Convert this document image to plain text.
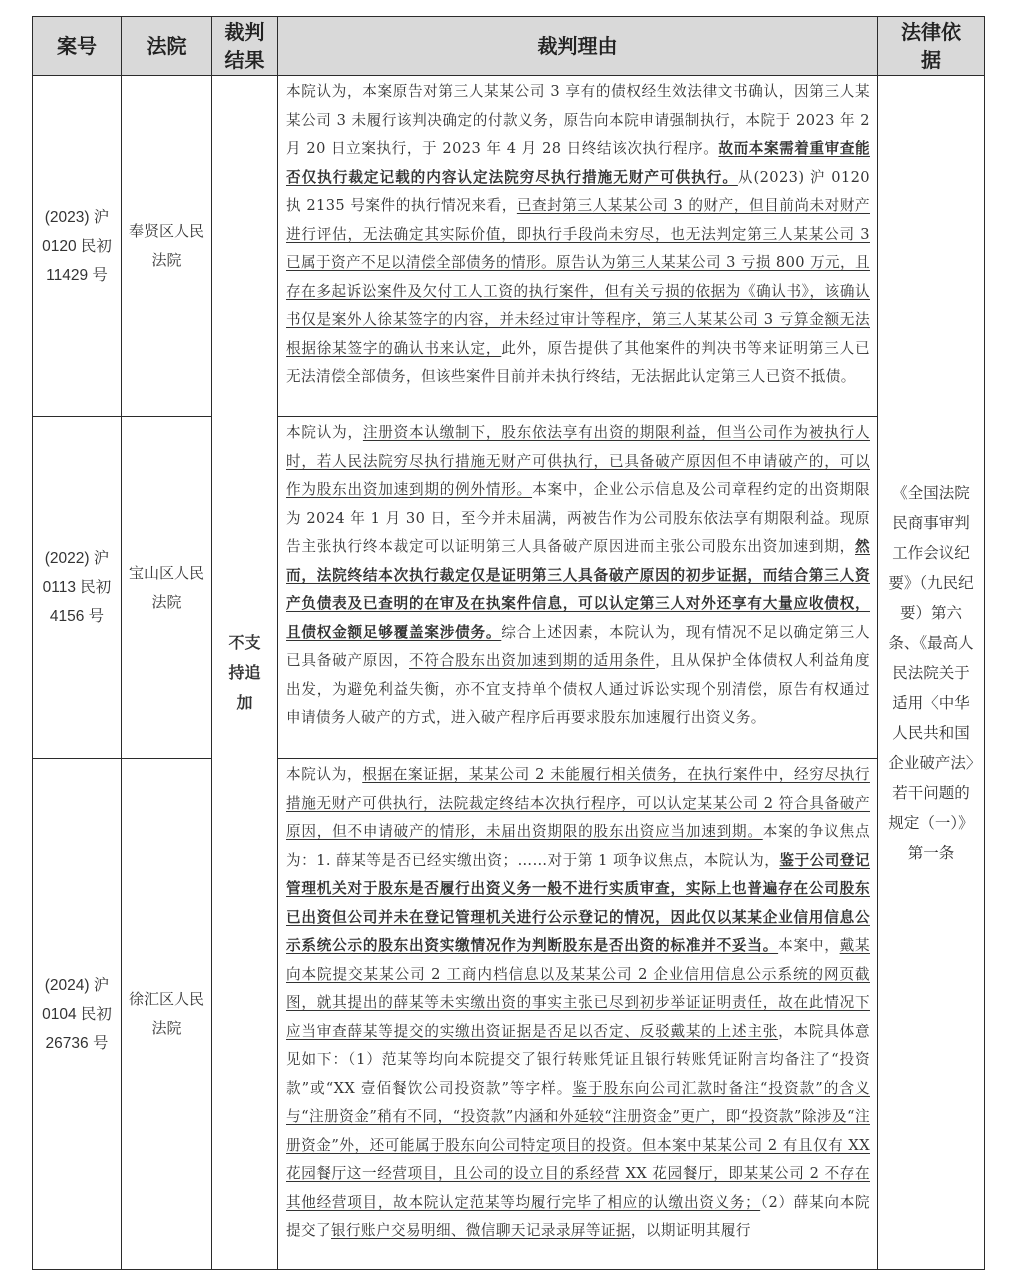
案号	法院	裁判
结果	裁判理由	法律依
据

(2023) 沪 0120 民初 11429 号	奉贤区人民法院	不支持追加	本院认为，本案原告对第三人某某公司 3 享有的债权经生效法律文书确认，因第三人某某公司 3 未履行该判决确定的付款义务，原告向本院申请强制执行，本院于 2023 年 2 月 20 日立案执行，于 2023 年 4 月 28 日终结该次执行程序。故而本案需着重审查能否仅执行裁定记载的内容认定法院穷尽执行措施无财产可供执行。从(2023) 沪 0120 执 2135 号案件的执行情况来看，已查封第三人某某公司 3 的财产，但目前尚未对财产进行评估，无法确定其实际价值，即执行手段尚未穷尽，也无法判定第三人某某公司 3 已属于资产不足以清偿全部债务的情形。原告认为第三人某某公司 3 亏损 800 万元，且存在多起诉讼案件及欠付工人工资的执行案件，但有关亏损的依据为《确认书》，该确认书仅是案外人徐某签字的内容，并未经过审计等程序，第三人某某公司 3 亏算金额无法根据徐某签字的确认书来认定，此外，原告提供了其他案件的判决书等来证明第三人已无法清偿全部债务，但该些案件目前并未执行终结，无法据此认定第三人已资不抵债。	《全国法院民商事审判工作会议纪要》（九民纪要）第六条、《最高人民法院关于适用〈中华人民共和国企业破产法〉若干问题的规定（一）》第一条
(2022) 沪 0113 民初 4156 号	宝山区人民法院		本院认为，注册资本认缴制下，股东依法享有出资的期限利益，但当公司作为被执行人时，若人民法院穷尽执行措施无财产可供执行，已具备破产原因但不申请破产的，可以作为股东出资加速到期的例外情形。本案中，企业公示信息及公司章程约定的出资期限为 2024 年 1 月 30 日，至今并未届满，两被告作为公司股东依法享有期限利益。现原告主张执行终本裁定可以证明第三人具备破产原因进而主张公司股东出资加速到期，然而，法院终结本次执行裁定仅是证明第三人具备破产原因的初步证据，而结合第三人资产负债表及已查明的在审及在执案件信息，可以认定第三人对外还享有大量应收债权，且债权金额足够覆盖案涉债务。综合上述因素，本院认为，现有情况不足以确定第三人已具备破产原因，不符合股东出资加速到期的适用条件，且从保护全体债权人利益角度出发，为避免利益失衡，亦不宜支持单个债权人通过诉讼实现个别清偿，原告有权通过申请债务人破产的方式，进入破产程序后再要求股东加速履行出资义务。	

(2024) 沪 0104 民初 26736 号	徐汇区人民法院		本院认为，根据在案证据，某某公司 2 未能履行相关债务，在执行案件中，经穷尽执行措施无财产可供执行，法院裁定终结本次执行程序，可以认定某某公司 2 符合具备破产原因，但不申请破产的情形，未届出资期限的股东出资应当加速到期。本案的争议焦点为：1. 薛某等是否已经实缴出资；……对于第 1 项争议焦点，本院认为，鉴于公司登记管理机关对于股东是否履行出资义务一般不进行实质审查，实际上也普遍存在公司股东已出资但公司并未在登记管理机关进行公示登记的情况，因此仅以某某企业信用信息公示系统公示的股东出资实缴情况作为判断股东是否出资的标准并不妥当。本案中，戴某向本院提交某某公司 2 工商内档信息以及某某公司 2 企业信用信息公示系统的网页截图，就其提出的薛某等未实缴出资的事实主张已尽到初步举证证明责任，故在此情况下应当审查薛某等提交的实缴出资证据是否足以否定、反驳戴某的上述主张，本院具体意见如下：（1）范某等均向本院提交了银行转账凭证且银行转账凭证附言均备注了“投资款”或“XX 壹佰餐饮公司投资款”等字样。鉴于股东向公司汇款时备注“投资款”的含义与“注册资金”稍有不同，“投资款”内涵和外延较“注册资金”更广，即“投资款”除涉及“注册资金”外，还可能属于股东向公司特定项目的投资。但本案中某某公司 2 有且仅有 XX 花园餐厅这一经营项目，且公司的设立目的系经营 XX 花园餐厅，即某某公司 2 不存在其他经营项目，故本院认定范某等均履行完毕了相应的认缴出资义务；（2）薛某向本院提交了银行账户交易明细、微信聊天记录录屏等证据，以期证明其履行	
